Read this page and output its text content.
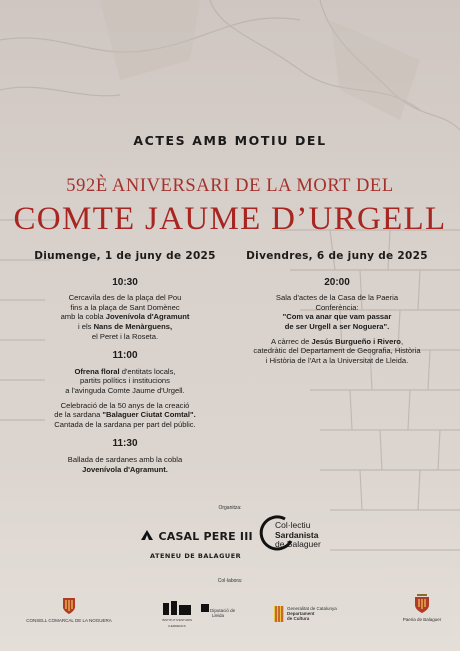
ACTES AMB MOTIU DEL
592È ANIVERSARI DE LA MORT DEL
COMTE JAUME D’URGELL
Diumenge, 1 de juny de 2025
10:30
Cercavila des de la plaça del Pou
fins a la plaça de Sant Domènec
amb la cobla Jovenívola d'Agramunt
i els Nans de Menàrguens,
el Peret i la Roseta.
11:00
Ofrena floral d'entitats locals,
partits polítics i institucions
a l'avinguda Comte Jaume d'Urgell.
Celebració de la 50 anys de la creació
de la sardana "Balaguer Ciutat Comtal".
Cantada de la sardana per part del públic.
11:30
Ballada de sardanes amb la cobla
Jovenívola d'Agramunt.
Divendres, 6 de juny de 2025
20:00
Sala d'actes de la Casa de la Paeria
Conferència:
"Com va anar que vam passar
de ser Urgell a ser Noguera".
A càrrec de Jesús Burgueño i Rivero,
catedràtic del Departament de Geografia, Història
i Història de l'Art a la Universitat de Lleida.
Organitza:
CASAL PERE III
ATENEU DE BALAGUER
Col·lectiu
Sardanista
de Balaguer
Col·labora:
CONSELL COMARCAL DE LA NOGUERA	INSTITUT D'ESTUDIS ILERDENCS
Diputació de Lleida
Generalitat de Catalunya
Departament
de Cultura	Paeria de Balaguer
